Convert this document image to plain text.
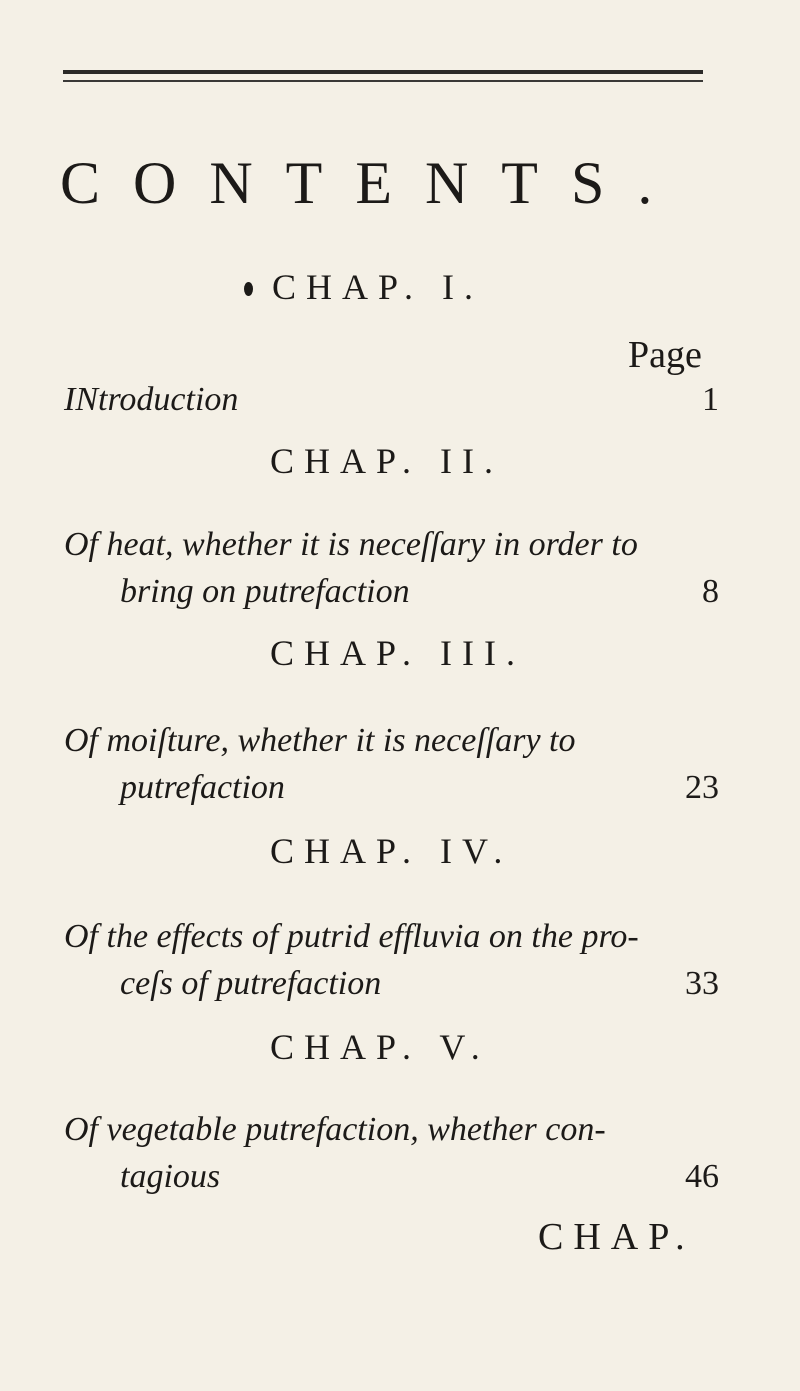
CONTENTS.
CHAP. I.
Page
INtroduction	1
CHAP. II.
Of heat, whether it is neceſſary in order to
bring on putrefaction	8
CHAP. III.
Of moiſture, whether it is neceſſary to
putrefaction	23
CHAP. IV.
Of the effects of putrid effluvia on the pro-
ceſs of putrefaction	33
CHAP. V.
Of vegetable putrefaction, whether con-
tagious	46
CHAP.
